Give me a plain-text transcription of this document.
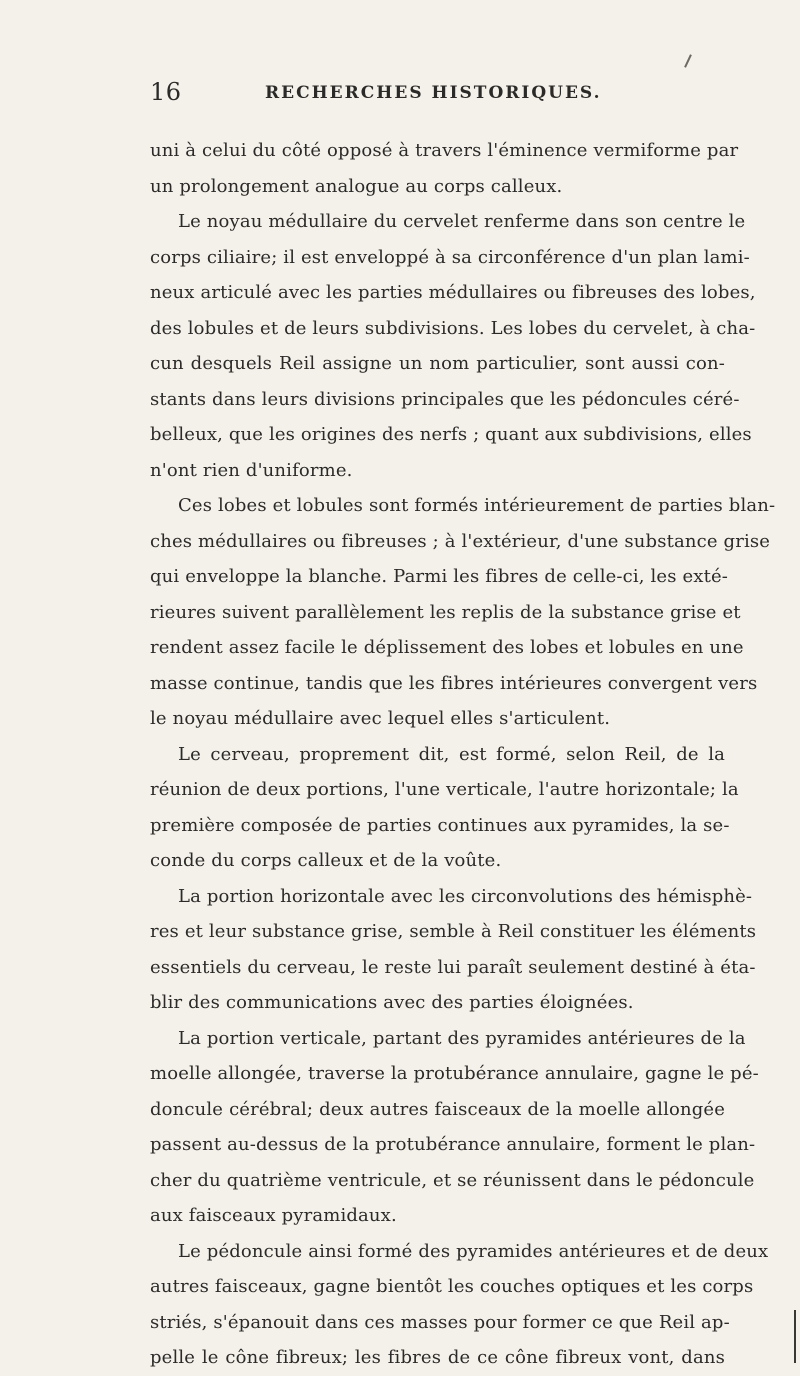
16	RECHERCHES HISTORIQUES.
uni à celui du côté opposé à travers l'éminence vermiforme par
un prolongement analogue au corps calleux.
Le noyau médullaire du cervelet renferme dans son centre le
corps ciliaire; il est enveloppé à sa circonférence d'un plan lami-
neux articulé avec les parties médullaires ou fibreuses des lobes,
des lobules et de leurs subdivisions. Les lobes du cervelet, à cha-
cun desquels Reil assigne un nom particulier, sont aussi con-
stants dans leurs divisions principales que les pédoncules céré-
belleux, que les origines des nerfs ; quant aux subdivisions, elles
n'ont rien d'uniforme.
Ces lobes et lobules sont formés intérieurement de parties blan-
ches médullaires ou fibreuses ; à l'extérieur, d'une substance grise
qui enveloppe la blanche. Parmi les fibres de celle-ci, les exté-
rieures suivent parallèlement les replis de la substance grise et
rendent assez facile le déplissement des lobes et lobules en une
masse continue, tandis que les fibres intérieures convergent vers
le noyau médullaire avec lequel elles s'articulent.
Le cerveau, proprement dit, est formé, selon Reil, de la
réunion de deux portions, l'une verticale, l'autre horizontale; la
première composée de parties continues aux pyramides, la se-
conde du corps calleux et de la voûte.
La portion horizontale avec les circonvolutions des hémisphè-
res et leur substance grise, semble à Reil constituer les éléments
essentiels du cerveau, le reste lui paraît seulement destiné à éta-
blir des communications avec des parties éloignées.
La portion verticale, partant des pyramides antérieures de la
moelle allongée, traverse la protubérance annulaire, gagne le pé-
doncule cérébral; deux autres faisceaux de la moelle allongée
passent au-dessus de la protubérance annulaire, forment le plan-
cher du quatrième ventricule, et se réunissent dans le pédoncule
aux faisceaux pyramidaux.
Le pédoncule ainsi formé des pyramides antérieures et de deux
autres faisceaux, gagne bientôt les couches optiques et les corps
striés, s'épanouit dans ces masses pour former ce que Reil ap-
pelle le cône fibreux; les fibres de ce cône fibreux vont, dans
